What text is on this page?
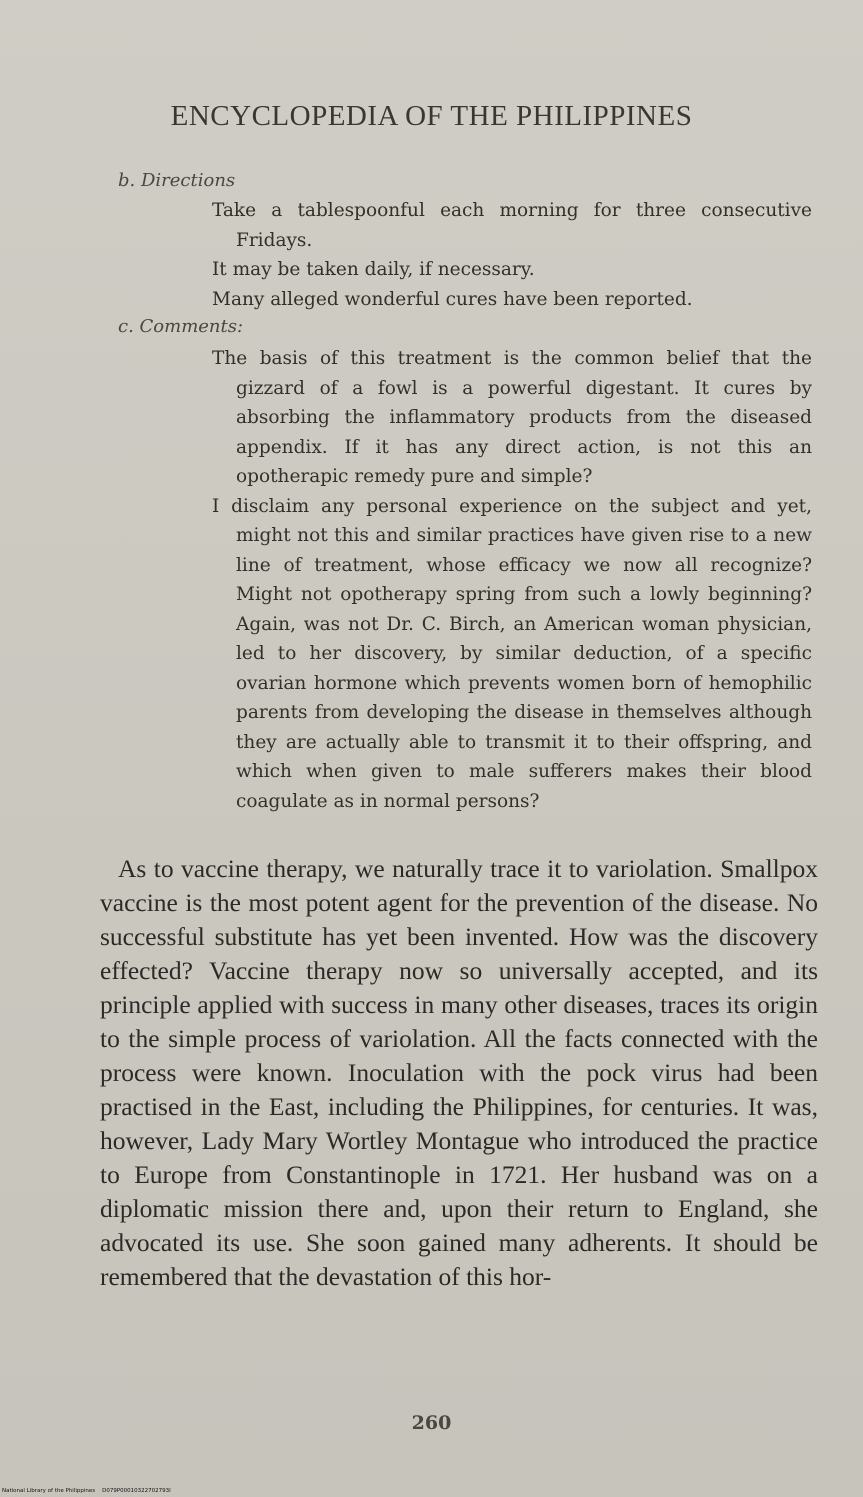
ENCYCLOPEDIA OF THE PHILIPPINES
b. Directions

Take a tablespoonful each morning for three consecutive Fridays.

It may be taken daily, if necessary.

Many alleged wonderful cures have been reported.

c. Comments:

The basis of this treatment is the common belief that the gizzard of a fowl is a powerful digestant. It cures by absorbing the inflammatory products from the diseased appendix. If it has any direct action, is not this an opotherapic remedy pure and simple?

I disclaim any personal experience on the subject and yet, might not this and similar practices have given rise to a new line of treatment, whose efficacy we now all recognize? Might not opotherapy spring from such a lowly beginning? Again, was not Dr. C. Birch, an American woman physician, led to her discovery, by similar deduction, of a specific ovarian hormone which prevents women born of hemophilic parents from developing the disease in themselves although they are actually able to transmit it to their offspring, and which when given to male sufferers makes their blood coagulate as in normal persons?

As to vaccine therapy, we naturally trace it to variolation. Smallpox vaccine is the most potent agent for the prevention of the disease. No successful substitute has yet been invented. How was the discovery effected? Vaccine therapy now so universally accepted, and its principle applied with success in many other diseases, traces its origin to the simple process of variolation. All the facts connected with the process were known. Inoculation with the pock virus had been practised in the East, including the Philippines, for centuries. It was, however, Lady Mary Wortley Montague who introduced the practice to Europe from Constantinople in 1721. Her husband was on a diplomatic mission there and, upon their return to England, she advocated its use. She soon gained many adherents. It should be remembered that the devastation of this hor-

260
National Library of the Philippines D079P00010322702793I
